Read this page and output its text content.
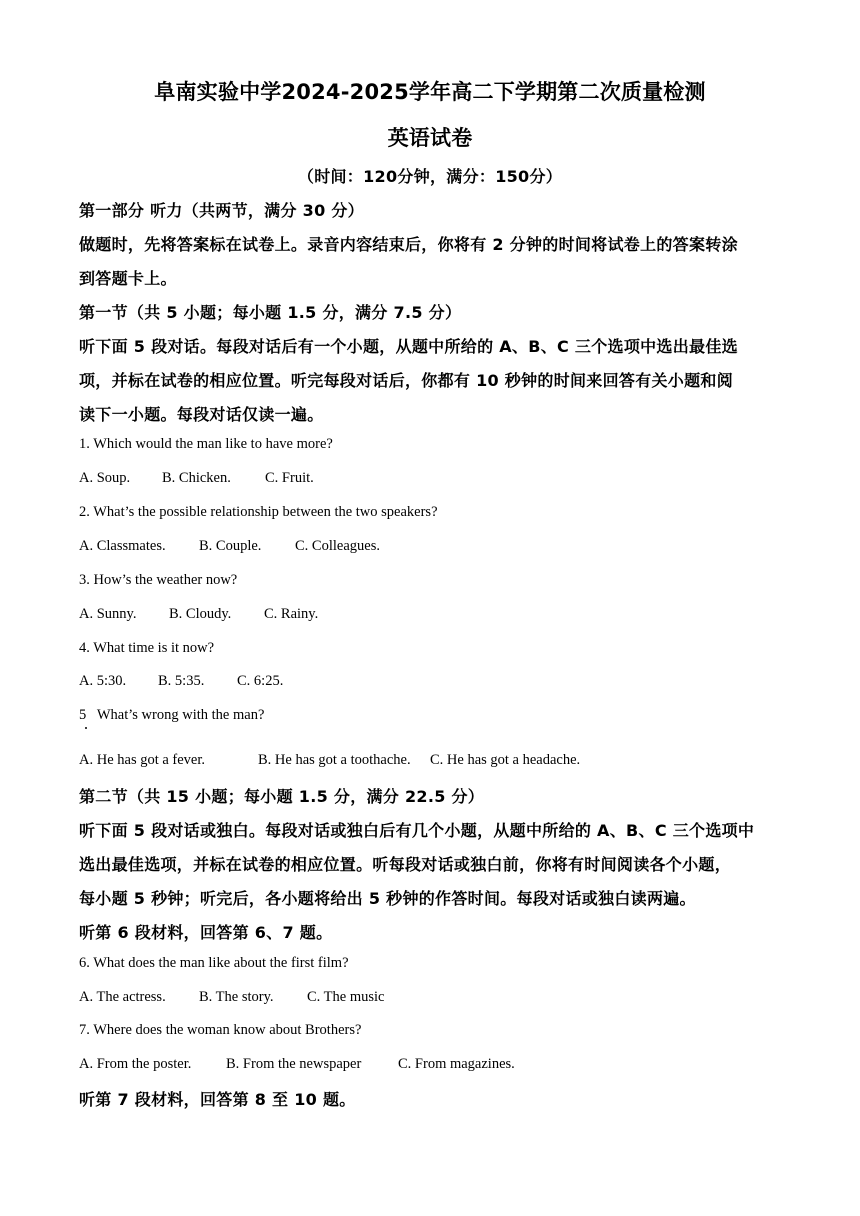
阜南实验中学2024-2025学年高二下学期第二次质量检测
英语试卷
（时间：120分钟，满分：150分）
第一部分 听力（共两节，满分 30 分）
做题时，先将答案标在试卷上。录音内容结束后，你将有 2 分钟的时间将试卷上的答案转涂
到答题卡上。
第一节（共 5 小题；每小题 1.5 分，满分 7.5 分）
听下面 5 段对话。每段对话后有一个小题，从题中所给的 A、B、C 三个选项中选出最佳选
项，并标在试卷的相应位置。听完每段对话后，你都有 10 秒钟的时间来回答有关小题和阅
读下一小题。每段对话仅读一遍。
1. Which would the man like to have more?
A. Soup. B. Chicken. C. Fruit.
2. What’s the possible relationship between the two speakers?
A. Classmates. B. Couple. C. Colleagues.
3. How’s the weather now?
A. Sunny. B. Cloudy. C. Rainy.
4. What time is it now?
A. 5:30. B. 5:35. C. 6:25.
5   What’s wrong with the man?
A. He has got a fever.	B. He has got a toothache. C. He has got a headache.
第二节（共 15 小题；每小题 1.5 分，满分 22.5 分）
听下面 5 段对话或独白。每段对话或独白后有几个小题，从题中所给的 A、B、C 三个选项中
选出最佳选项，并标在试卷的相应位置。听每段对话或独白前，你将有时间阅读各个小题，
每小题 5 秒钟；听完后，各小题将给出 5 秒钟的作答时间。每段对话或独白读两遍。
听第 6 段材料，回答第 6、7 题。
6. What does the man like about the first film?
A. The actress. B. The story. C. The music
7. Where does the woman know about Brothers?
A. From the poster. B. From the newspaper	C. From magazines.
听第 7 段材料，回答第 8 至 10 题。
